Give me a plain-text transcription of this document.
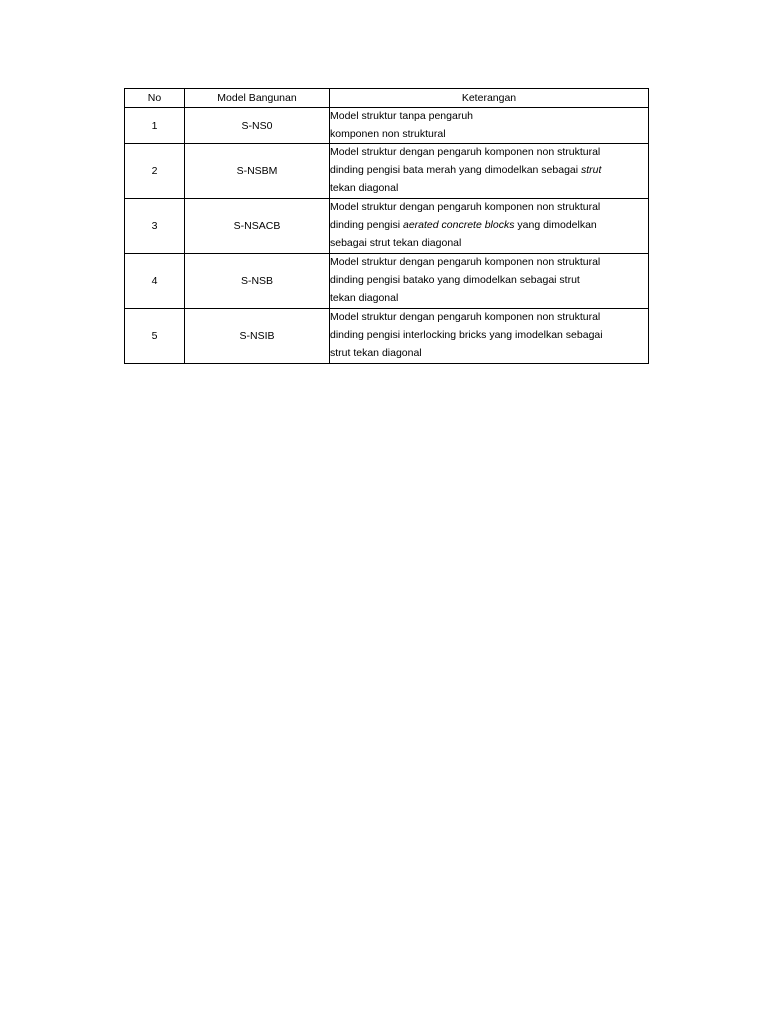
No	Model Bangunan	Keterangan
1	S-NS0	Model struktur tanpa pengaruh
komponen non struktural

2	S-NSBM	Model struktur dengan pengaruh komponen non struktural
dinding pengisi bata merah yang dimodelkan sebagai strut
tekan diagonal

3	S-NSACB	Model struktur dengan pengaruh komponen non struktural
dinding pengisi aerated concrete blocks yang dimodelkan
sebagai strut tekan diagonal

4	S-NSB	Model struktur dengan pengaruh komponen non struktural
dinding pengisi batako yang dimodelkan sebagai strut
tekan diagonal

5	S-NSIB	Model struktur dengan pengaruh komponen non struktural
dinding pengisi interlocking bricks yang imodelkan sebagai
strut tekan diagonal
